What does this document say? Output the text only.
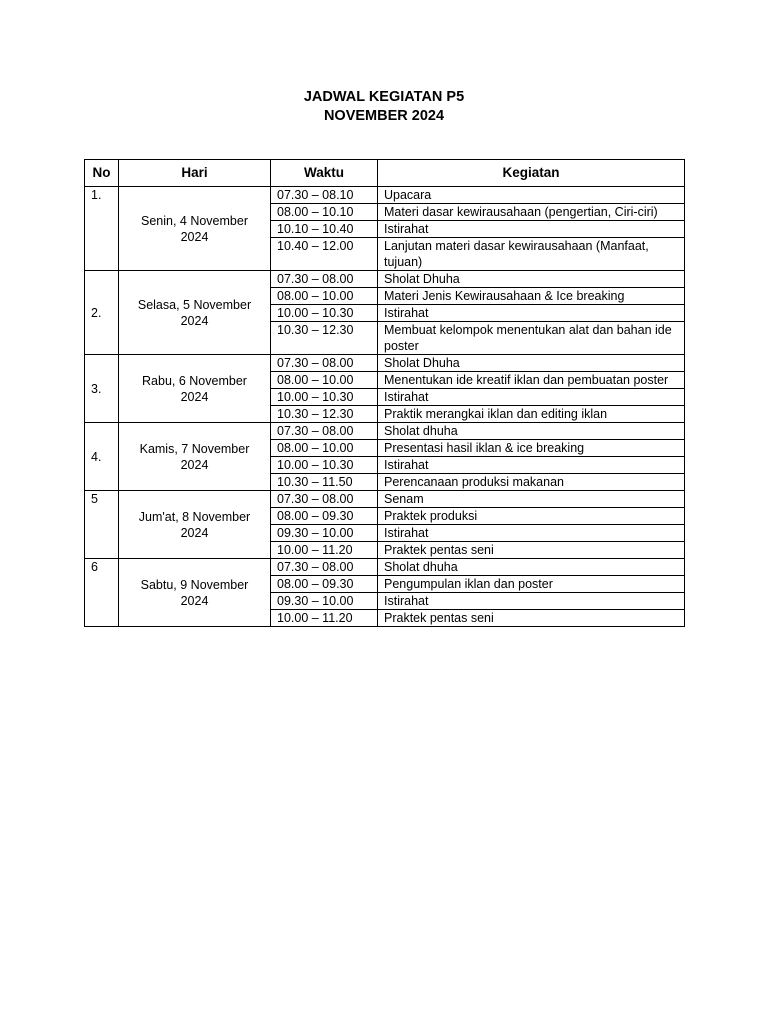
JADWAL KEGIATAN P5
NOVEMBER 2024
No	Hari	Waktu	Kegiatan
1.	Senin, 4 November 2024	07.30 – 08.10	Upacara
		08.00 – 10.10	Materi dasar kewirausahaan (pengertian, Ciri-ciri)
		10.10 – 10.40	Istirahat
		10.40 – 12.00	Lanjutan materi dasar kewirausahaan (Manfaat, tujuan)
2.	Selasa, 5 November 2024	07.30 – 08.00	Sholat Dhuha
		08.00 – 10.00	Materi Jenis Kewirausahaan & Ice breaking
		10.00 – 10.30	Istirahat
		10.30 – 12.30	Membuat kelompok menentukan alat dan bahan ide poster
3.	Rabu, 6 November 2024	07.30 – 08.00	Sholat Dhuha
		08.00 – 10.00	Menentukan ide kreatif iklan dan pembuatan poster
		10.00 – 10.30	Istirahat
		10.30 – 12.30	Praktik merangkai iklan dan editing iklan
4.	Kamis, 7 November 2024	07.30 – 08.00	Sholat dhuha
		08.00 – 10.00	Presentasi hasil iklan & ice breaking
		10.00 – 10.30	Istirahat
		10.30 – 11.50	Perencanaan produksi makanan
5	Jum'at, 8 November 2024	07.30 – 08.00	Senam
		08.00 – 09.30	Praktek produksi
		09.30 – 10.00	Istirahat
		10.00 – 11.20	Praktek pentas seni
6	Sabtu, 9 November 2024	07.30 – 08.00	Sholat dhuha
		08.00 – 09.30	Pengumpulan iklan dan poster
		09.30 – 10.00	Istirahat
		10.00 – 11.20	Praktek pentas seni
